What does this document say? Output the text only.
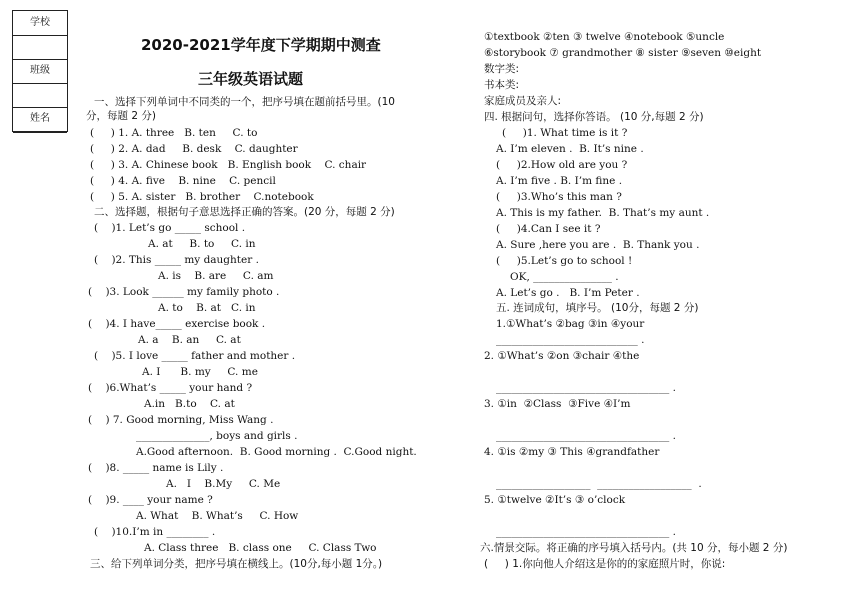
学校
班级
姓名
2020-2021学年度下学期期中测查
三年级英语试题
一、选择下列单词中不同类的一个，把序号填在题前括号里。(10
分，每题 2 分)
(     ) 1. A. three   B. ten     C. to
(     ) 2. A. dad     B. desk    C. daughter
(     ) 3. A. Chinese book   B. English book    C. chair
(     ) 4. A. five    B. nine    C. pencil
(     ) 5. A. sister   B. brother    C.notebook
二、选择题，根据句子意思选择正确的答案。(20 分，每题 2 分)
(    )1. Let’s go _____ school .
A. at     B. to     C. in
(    )2. This _____ my daughter .
A. is    B. are     C. am
(    )3. Look ______ my family photo .
A. to    B. at   C. in
(    )4. I have_____ exercise book .
A. a    B. an     C. at
(    )5. I love _____ father and mother .
A. I      B. my     C. me
(    )6.What’s _____ your hand ?
A.in   B.to    C. at
(    ) 7. Good morning, Miss Wang .
______________, boys and girls .
A.Good afternoon.  B. Good morning .  C.Good night.
(    )8. _____ name is Lily .
A.   I    B.My     C. Me
(    )9. ____ your name ?
A. What    B. What’s     C. How
(    )10.I’m in ________ .
A. Class three   B. class one     C. Class Two
三、给下列单词分类，把序号填在横线上。(10分,每小题 1分。)
①textbook ②ten ③ twelve ④notebook ⑤uncle
⑥storybook ⑦ grandmother ⑧ sister ⑨seven ⑩eight
数字类:
书本类:
家庭成员及亲人:
四. 根据问句，选择你答语。 (10 分,每题 2 分)
(     )1. What time is it ?
A. I’m eleven .  B. It’s nine .
(     )2.How old are you ?
A. I’m five . B. I’m fine .
(     )3.Who’s this man ?
A. This is my father.  B. That’s my aunt .
(     )4.Can I see it ?
A. Sure ,here you are .  B. Thank you .
(     )5.Let’s go to school !
OK, _______________ .
A. Let’s go .   B. I’m Peter .
五. 连词成句，填序号。 (10分，每题 2 分)
1.①What’s ②bag ③in ④your
___________________________ .
2. ①What’s ②on ③chair ④the
_________________________________ .
3. ①in  ②Class  ③Five ④I’m
_________________________________ .
4. ①is ②my ③ This ④grandfather
__________________  __________________  .
5. ①twelve ②It’s ③ o’clock
_________________________________ .
六.情景交际。将正确的序号填入括号内。(共 10 分，每小题 2 分)
(     ) 1.你向他人介绍这是你的的家庭照片时，你说:
